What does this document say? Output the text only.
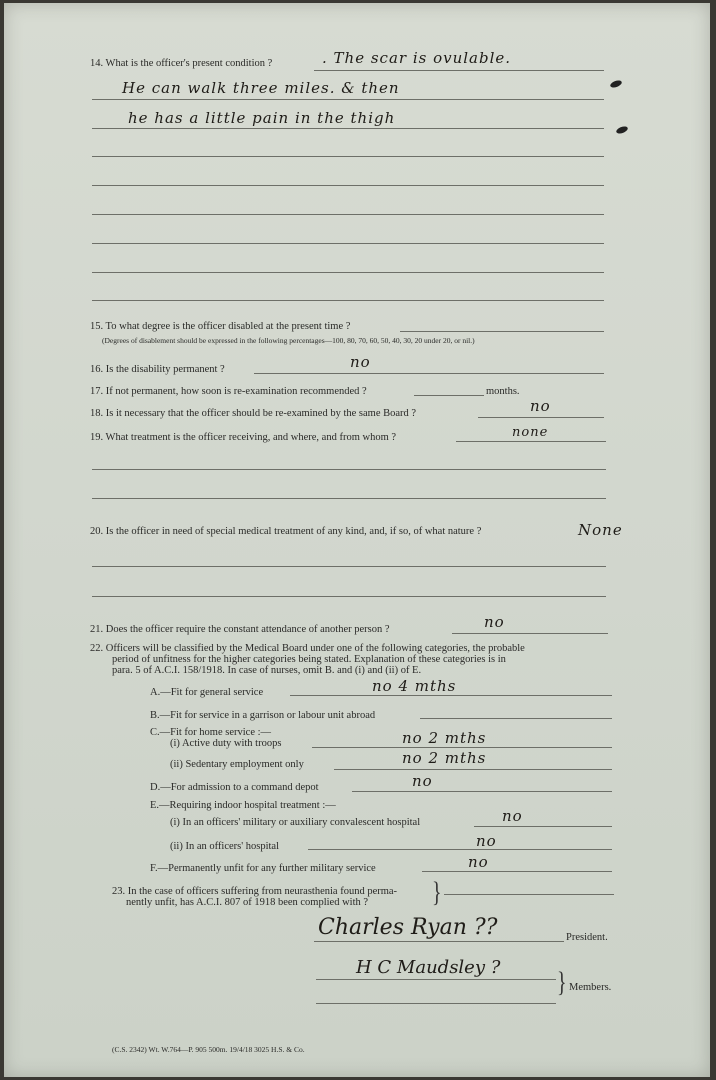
14. What is the officer's present condition ?	. The scar is ovulable.
He can walk three miles. & then
he has a little pain in the thigh
15. To what degree is the officer disabled at the present time ?
(Degrees of disablement should be expressed in the following percentages—100, 80, 70, 60, 50, 40, 30, 20 under 20, or nil.)
16. Is the disability permanent ?	no
17. If not permanent, how soon is re-examination recommended ?	months.
18. Is it necessary that the officer should be re-examined by the same Board ?	no
19. What treatment is the officer receiving, and where, and from whom ?	none
20. Is the officer in need of special medical treatment of any kind, and, if so, of what nature ?	None
21. Does the officer require the constant attendance of another person ?	no
22. Officers will be classified by the Medical Board under one of the following categories, the probable
period of unfitness for the higher categories being stated. Explanation of these categories is in
para. 5 of A.C.I. 158/1918. In case of nurses, omit B. and (i) and (ii) of E.
A.—Fit for general service	no 4 mths
B.—Fit for service in a garrison or labour unit abroad
C.—Fit for home service :—
(i) Active duty with troops	no 2 mths
(ii) Sedentary employment only	no 2 mths
D.—For admission to a command depot	no
E.—Requiring indoor hospital treatment :—
(i) In an officers' military or auxiliary convalescent hospital	no
(ii) In an officers' hospital	no
F.—Permanently unfit for any further military service	no
23. In the case of officers suffering from neurasthenia found perma-
nently unfit, has A.C.I. 807 of 1918 been complied with ?	}
Charles Ryan ??	President.
H C Maudsley ?
} Members.
(C.S. 2342) Wt. W.764—P. 905 500m. 19/4/18 3025 H.S. & Co.
